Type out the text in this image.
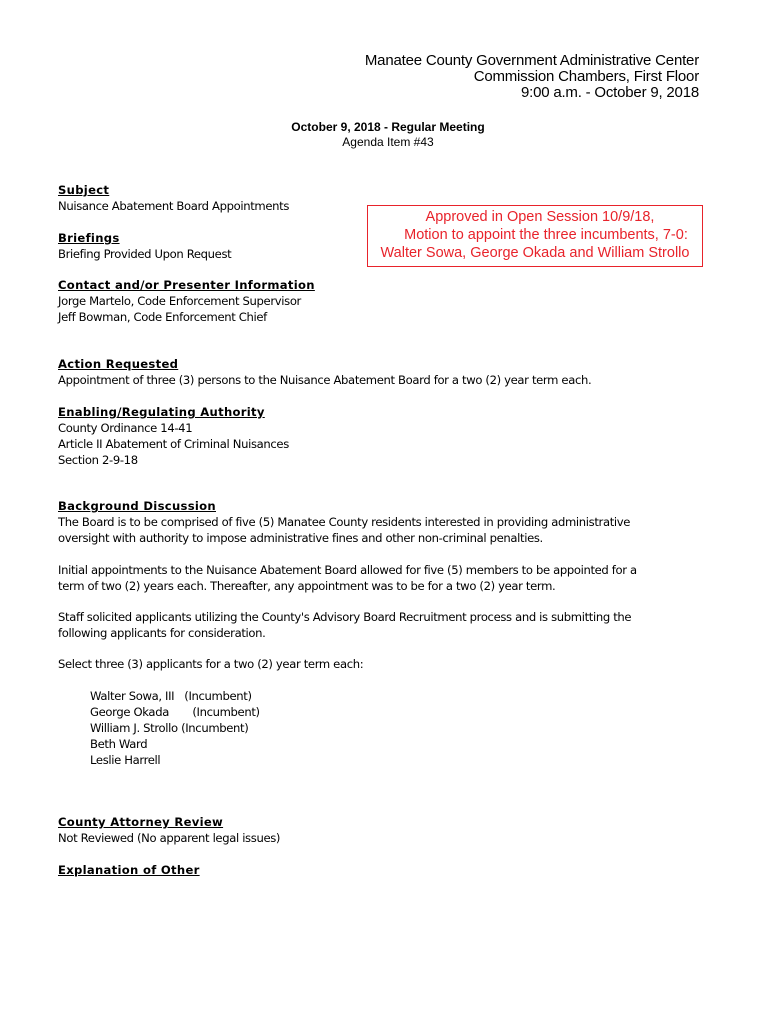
Manatee County Government Administrative Center
Commission Chambers, First Floor
9:00 a.m. - October 9, 2018
October 9, 2018 - Regular Meeting
Agenda Item #43
Approved in Open Session 10/9/18,
Motion to appoint the three incumbents, 7-0:
Walter Sowa, George Okada and William Strollo
Subject
Nuisance Abatement Board Appointments
Briefings
Briefing Provided Upon Request
Contact and/or Presenter Information
Jorge Martelo, Code Enforcement Supervisor
Jeff Bowman, Code Enforcement Chief
Action Requested
Appointment of three (3) persons to the Nuisance Abatement Board for a two (2) year term each.
Enabling/Regulating Authority
County Ordinance 14-41
Article II Abatement of Criminal Nuisances
Section 2-9-18
Background Discussion
The Board is to be comprised of five (5) Manatee County residents interested in providing administrative
oversight with authority to impose administrative fines and other non-criminal penalties.
Initial appointments to the Nuisance Abatement Board allowed for five (5) members to be appointed for a
term of two (2) years each. Thereafter, any appointment was to be for a two (2) year term.
Staff solicited applicants utilizing the County's Advisory Board Recruitment process and is submitting the
following applicants for consideration.
Select three (3) applicants for a two (2) year term each:
Walter Sowa, III (Incumbent)
George Okada (Incumbent)
William J. Strollo (Incumbent)
Beth Ward
Leslie Harrell
County Attorney Review
Not Reviewed (No apparent legal issues)
Explanation of Other
